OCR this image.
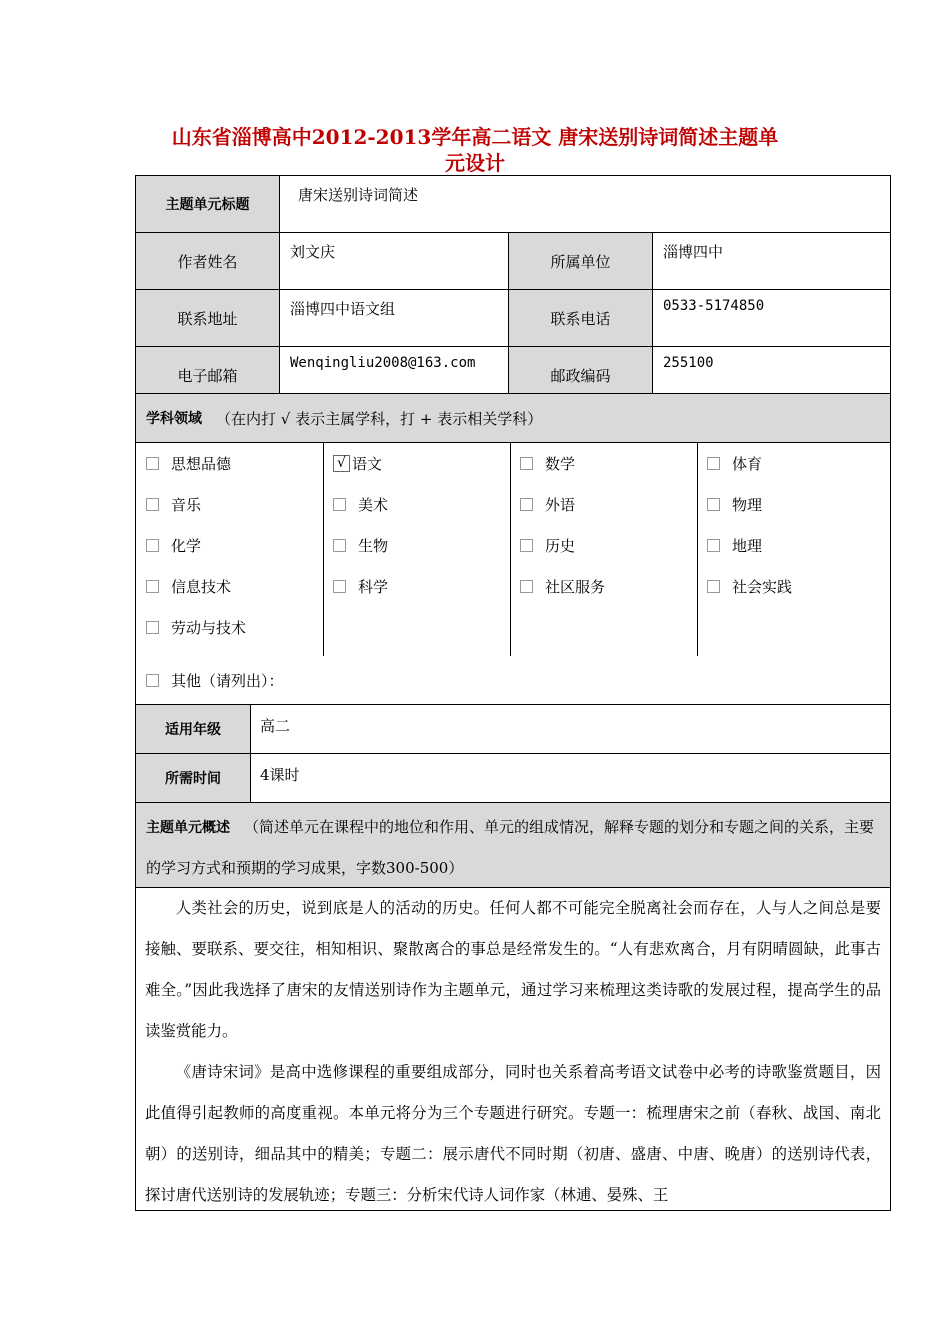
山东省淄博高中2012-2013学年高二语文 唐宋送别诗词简述主题单
元设计
主题单元标题	唐宋送别诗词简述		
作者姓名	刘文庆	所属单位	淄博四中
联系地址	淄博四中语文组	联系电话	0533-5174850
电子邮箱	Wenqingliu2008@163.com	邮政编码	255100
学科领域 （在内打 √ 表示主属学科，打 + 表示相关学科）
思想品德
音乐
化学
信息技术
劳动与技术
√ 语文
美术
生物
科学
数学
外语
历史
社区服务
体育
物理
地理
社会实践
其他（请列出）：
适用年级	高二
所需时间	4课时
主题单元概述 （简述单元在课程中的地位和作用、单元的组成情况，解释专题的划分和专题之间的关系，主要的学习方式和预期的学习成果，字数300-500）

人类社会的历史，说到底是人的活动的历史。任何人都不可能完全脱离社会而存在，人与人之间总是要接触、要联系、要交往，相知相识、聚散离合的事总是经常发生的。“人有悲欢离合，月有阴晴圆缺，此事古难全。”因此我选择了唐宋的友情送别诗作为主题单元，通过学习来梳理这类诗歌的发展过程，提高学生的品读鉴赏能力。

《唐诗宋词》是高中选修课程的重要组成部分，同时也关系着高考语文试卷中必考的诗歌鉴赏题目，因此值得引起教师的高度重视。本单元将分为三个专题进行研究。专题一：梳理唐宋之前（春秋、战国、南北朝）的送别诗，细品其中的精美；专题二：展示唐代不同时期（初唐、盛唐、中唐、晚唐）的送别诗代表，探讨唐代送别诗的发展轨迹；专题三：分析宋代诗人词作家（林逋、晏殊、王
